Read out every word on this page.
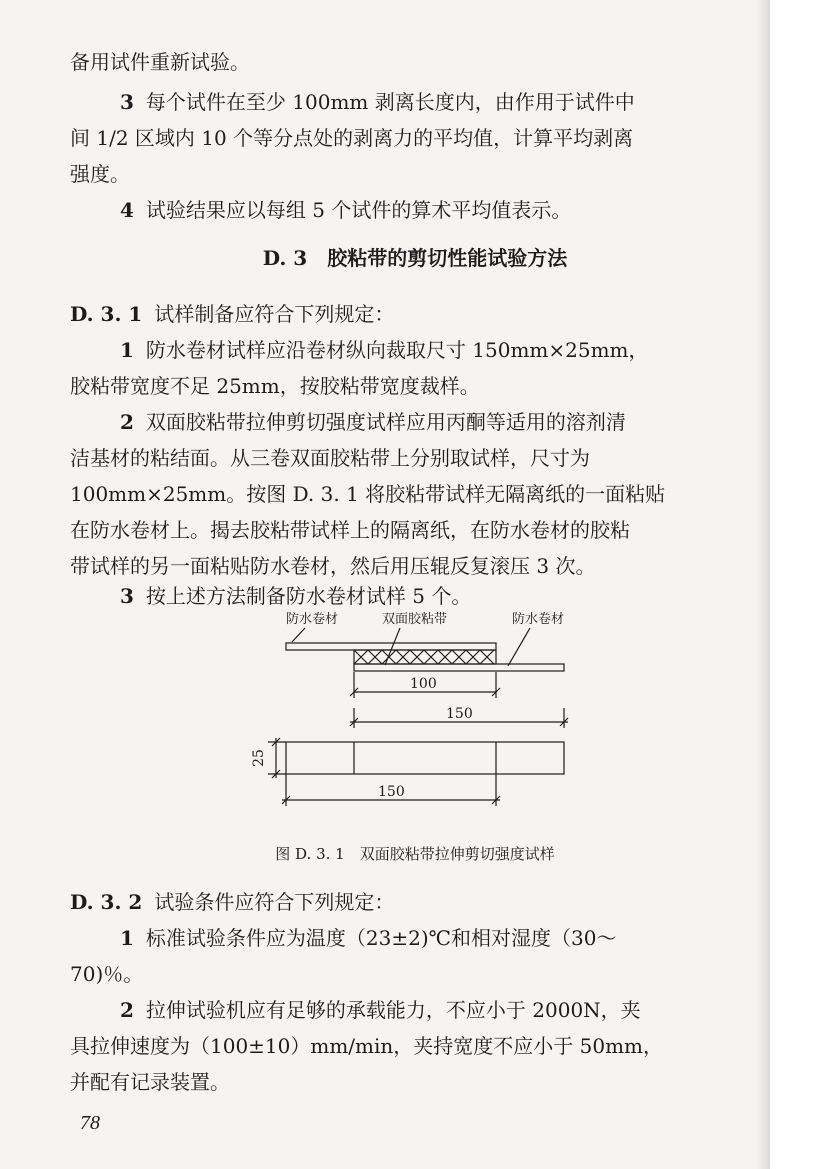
备用试件重新试验。

3 每个试件在至少 100mm 剥离长度内，由作用于试件中

间 1/2 区域内 10 个等分点处的剥离力的平均值，计算平均剥离

强度。

4 试验结果应以每组 5 个试件的算术平均值表示。

D. 3　胶粘带的剪切性能试验方法

D. 3. 1 试样制备应符合下列规定：

1 防水卷材试样应沿卷材纵向裁取尺寸 150mm×25mm，

胶粘带宽度不足 25mm，按胶粘带宽度裁样。

2 双面胶粘带拉伸剪切强度试样应用丙酮等适用的溶剂清

洁基材的粘结面。从三卷双面胶粘带上分别取试样，尺寸为

100mm×25mm。按图 D. 3. 1 将胶粘带试样无隔离纸的一面粘贴

在防水卷材上。揭去胶粘带试样上的隔离纸，在防水卷材的胶粘

带试样的另一面粘贴防水卷材，然后用压辊反复滚压 3 次。

3 按上述方法制备防水卷材试样 5 个。

防水卷材	双面胶粘带	防水卷材
100
150
25
150

图 D. 3. 1　双面胶粘带拉伸剪切强度试样

D. 3. 2 试验条件应符合下列规定：

1 标准试验条件应为温度（23±2)℃和相对湿度（30～

70)％。

2 拉伸试验机应有足够的承载能力，不应小于 2000N，夹

具拉伸速度为（100±10）mm/min，夹持宽度不应小于 50mm，

并配有记录装置。

78
